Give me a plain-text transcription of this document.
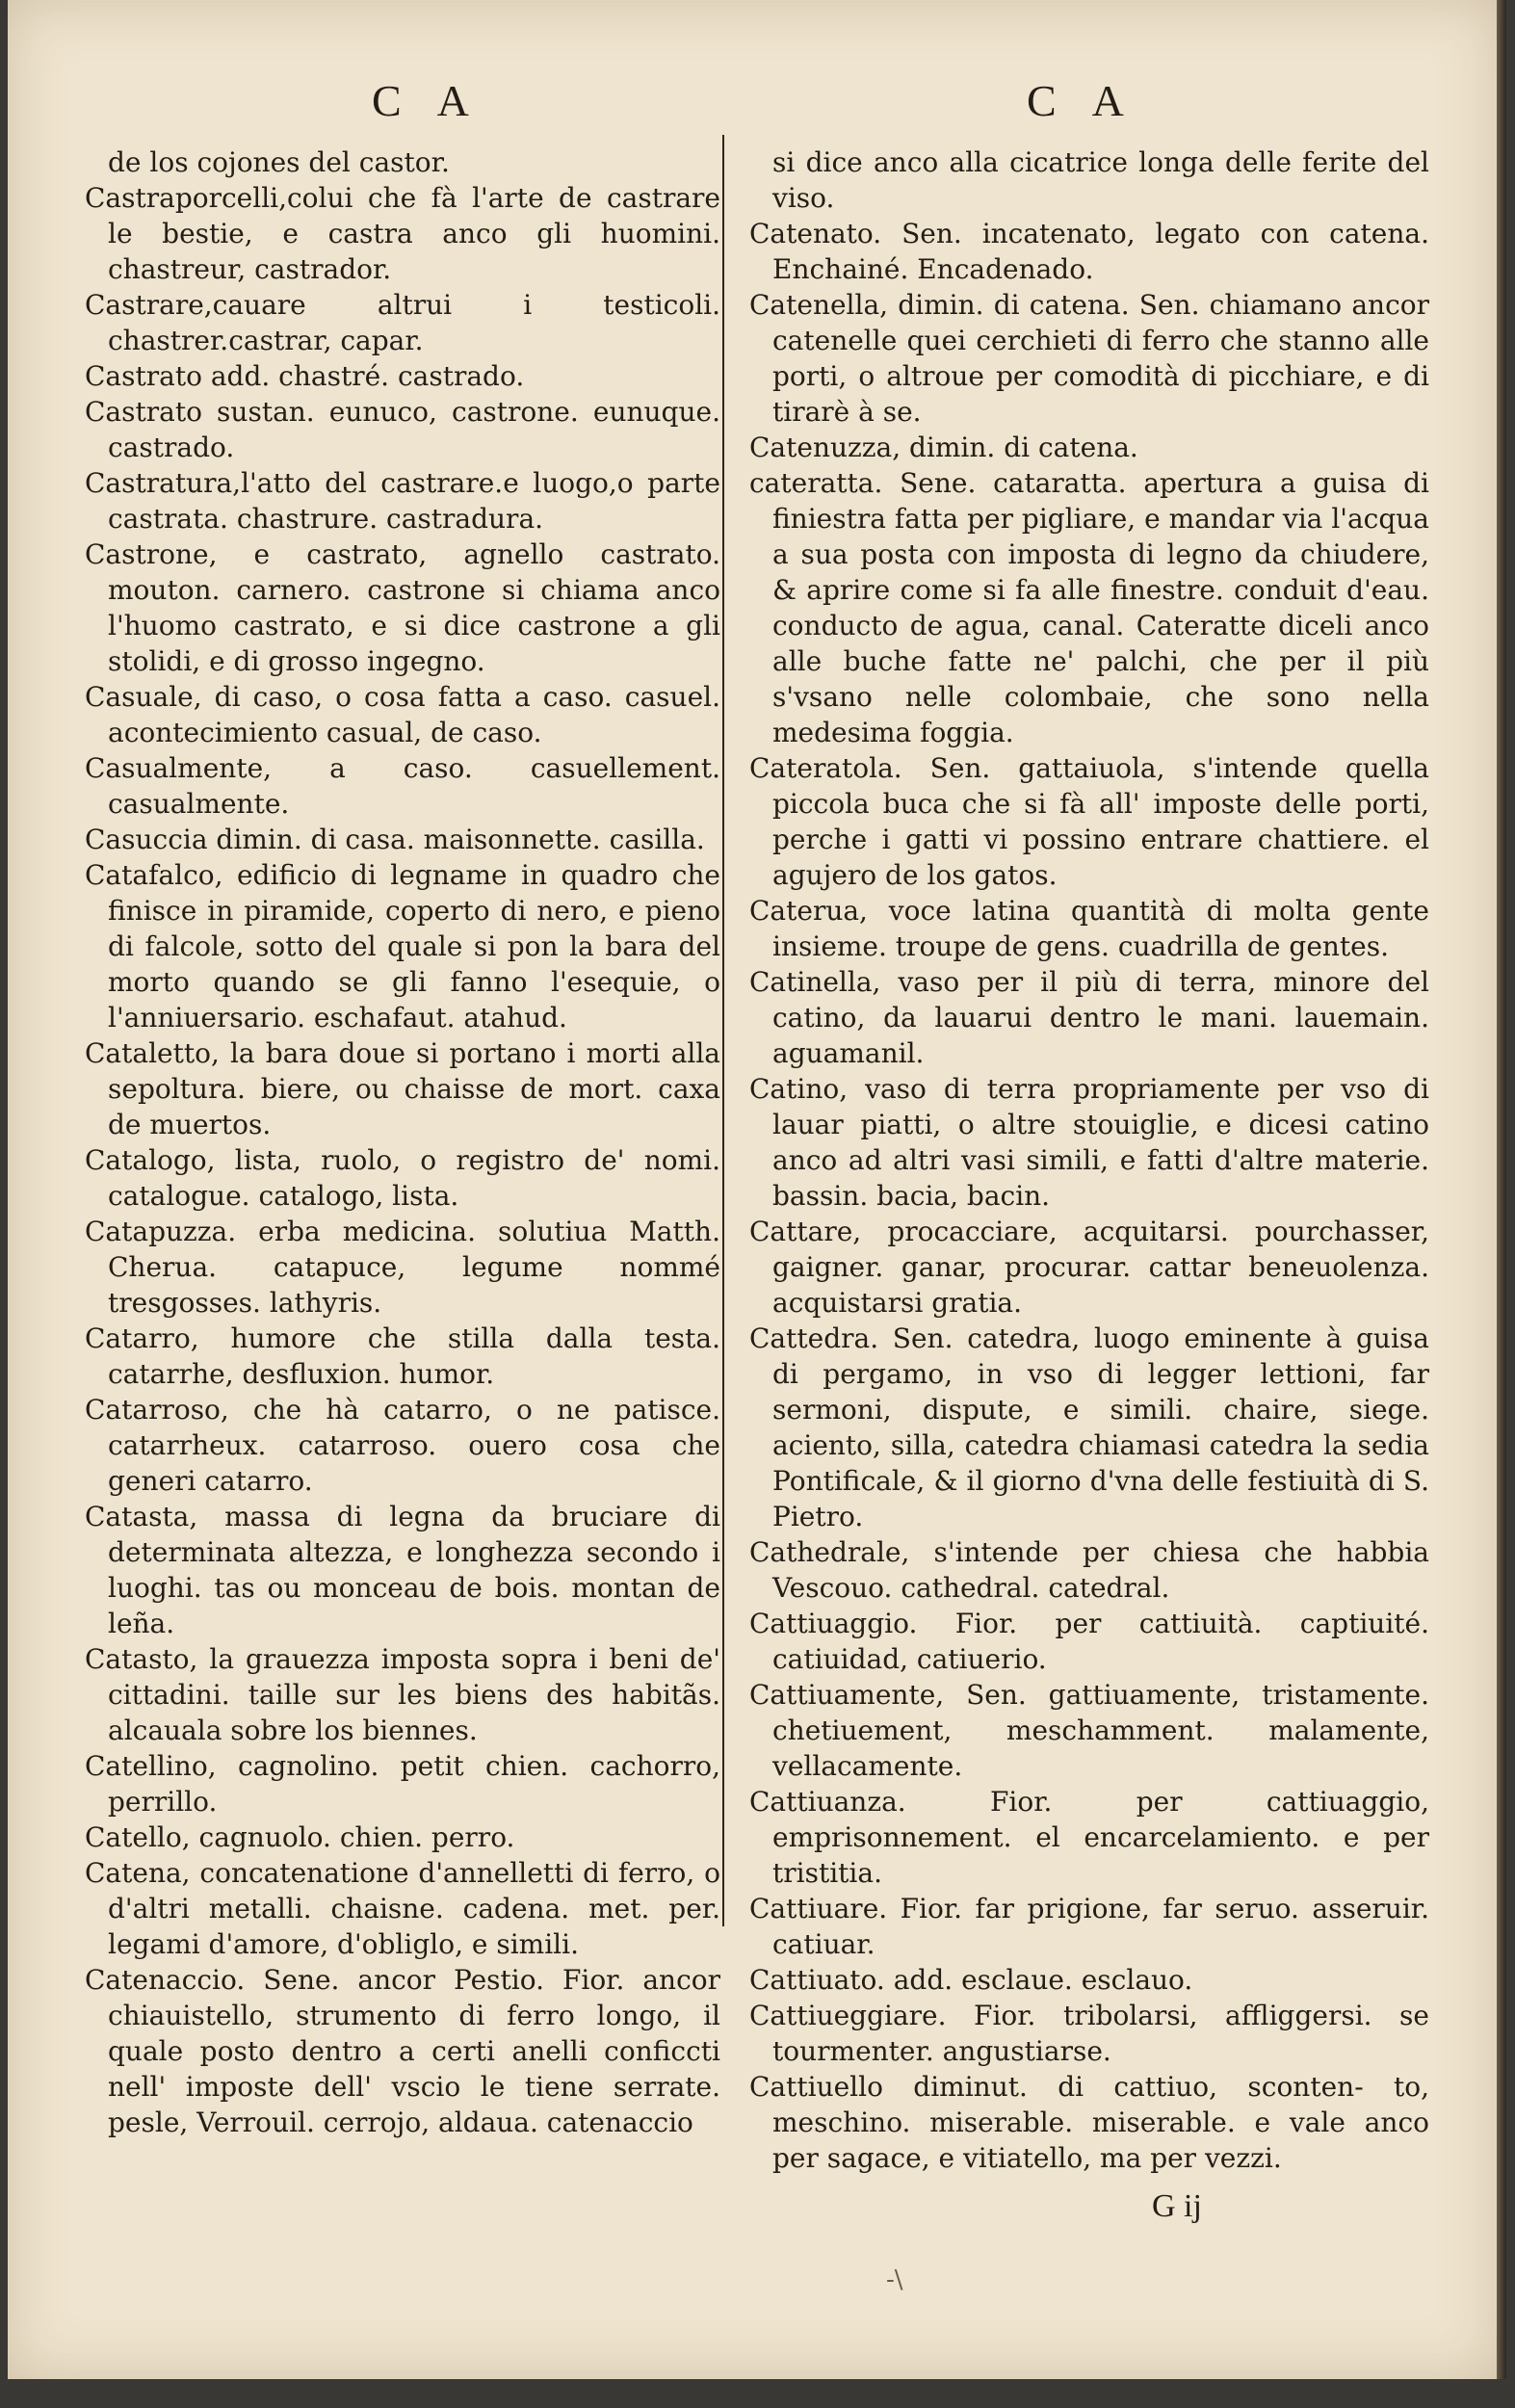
C A	C A

de los cojones del castor.

Castraporcelli,colui che fà l'arte de castrare le bestie, e castra anco gli huomini. chastreur, castrador.

Castrare,cauare altrui i testicoli. chastrer.castrar, capar.

Castrato add. chastré. castrado.

Castrato sustan. eunuco, castrone. eunuque. castrado.

Castratura,l'atto del castrare.e luogo,o parte castrata. chastrure. castradura.

Castrone, e castrato, agnello castrato. mouton. carnero. castrone si chiama anco l'huomo castrato, e si dice castrone a gli stolidi, e di grosso ingegno.

Casuale, di caso, o cosa fatta a caso. casuel. acontecimiento casual, de caso.

Casualmente, a caso. casuellement. casualmente.

Casuccia dimin. di casa. maisonnette. casilla.

Catafalco, edificio di legname in quadro che finisce in piramide, coperto di nero, e pieno di falcole, sotto del quale si pon la bara del morto quando se gli fanno l'esequie, o l'anniuersario. eschafaut. atahud.

Cataletto, la bara doue si portano i morti alla sepoltura. biere, ou chaisse de mort. caxa de muertos.

Catalogo, lista, ruolo, o registro de' nomi. catalogue. catalogo, lista.

Catapuzza. erba medicina. solutiua Matth. Cherua. catapuce, legume nommé tresgosses. lathyris.

Catarro, humore che stilla dalla testa. catarrhe, desfluxion. humor.

Catarroso, che hà catarro, o ne patisce. catarrheux. catarroso. ouero cosa che generi catarro.

Catasta, massa di legna da bruciare di determinata altezza, e longhezza secondo i luoghi. tas ou monceau de bois. montan de leña.

Catasto, la grauezza imposta sopra i beni de' cittadini. taille sur les biens des habitãs. alcauala sobre los biennes.

Catellino, cagnolino. petit chien. cachorro, perrillo.

Catello, cagnuolo. chien. perro.

Catena, concatenatione d'annelletti di ferro, o d'altri metalli. chaisne. cadena. met. per. legami d'amore, d'obliglo, e simili.

Catenaccio. Sene. ancor Pestio. Fior. ancor chiauistello, strumento di ferro longo, il quale posto dentro a certi anelli conficcti nell' imposte dell' vscio le tiene serrate. pesle, Verrouil. cerrojo, aldaua. catenaccio

si dice anco alla cicatrice longa delle ferite del viso.

Catenato. Sen. incatenato, legato con catena. Enchainé. Encadenado.

Catenella, dimin. di catena. Sen. chiamano ancor catenelle quei cerchieti di ferro che stanno alle porti, o altroue per comodità di picchiare, e di tirarè à se.

Catenuzza, dimin. di catena.

cateratta. Sene. cataratta. apertura a guisa di finiestra fatta per pigliare, e mandar via l'acqua a sua posta con imposta di legno da chiudere, & aprire come si fa alle finestre. conduit d'eau. conducto de agua, canal. Cateratte diceli anco alle buche fatte ne' palchi, che per il più s'vsano nelle colombaie, che sono nella medesima foggia.

Cateratola. Sen. gattaiuola, s'intende quella piccola buca che si fà all' imposte delle porti, perche i gatti vi possino entrare chattiere. el agujero de los gatos.

Caterua, voce latina quantità di molta gente insieme. troupe de gens. cuadrilla de gentes.

Catinella, vaso per il più di terra, minore del catino, da lauarui dentro le mani. lauemain. aguamanil.

Catino, vaso di terra propriamente per vso di lauar piatti, o altre stouiglie, e dicesi catino anco ad altri vasi simili, e fatti d'altre materie. bassin. bacia, bacin.

Cattare, procacciare, acquitarsi. pourchasser, gaigner. ganar, procurar. cattar beneuolenza. acquistarsi gratia.

Cattedra. Sen. catedra, luogo eminente à guisa di pergamo, in vso di legger lettioni, far sermoni, dispute, e simili. chaire, siege. aciento, silla, catedra chiamasi catedra la sedia Pontificale, & il giorno d'vna delle festiuità di S. Pietro.

Cathedrale, s'intende per chiesa che habbia Vescouo. cathedral. catedral.

Cattiuaggio. Fior. per cattiuità. captiuité. catiuidad, catiuerio.

Cattiuamente, Sen. gattiuamente, tristamente. chetiuement, meschamment. malamente, vellacamente.

Cattiuanza. Fior. per cattiuaggio, emprisonnement. el encarcelamiento. e per tristitia.

Cattiuare. Fior. far prigione, far seruo. asseruir. catiuar.

Cattiuato. add. esclaue. esclauo.

Cattiueggiare. Fior. tribolarsi, affliggersi. se tourmenter. angustiarse.

Cattiuello diminut. di cattiuo, sconten- to, meschino. miserable. miserable. e vale anco per sagace, e vitiatello, ma per vezzi.

G ij
-\
